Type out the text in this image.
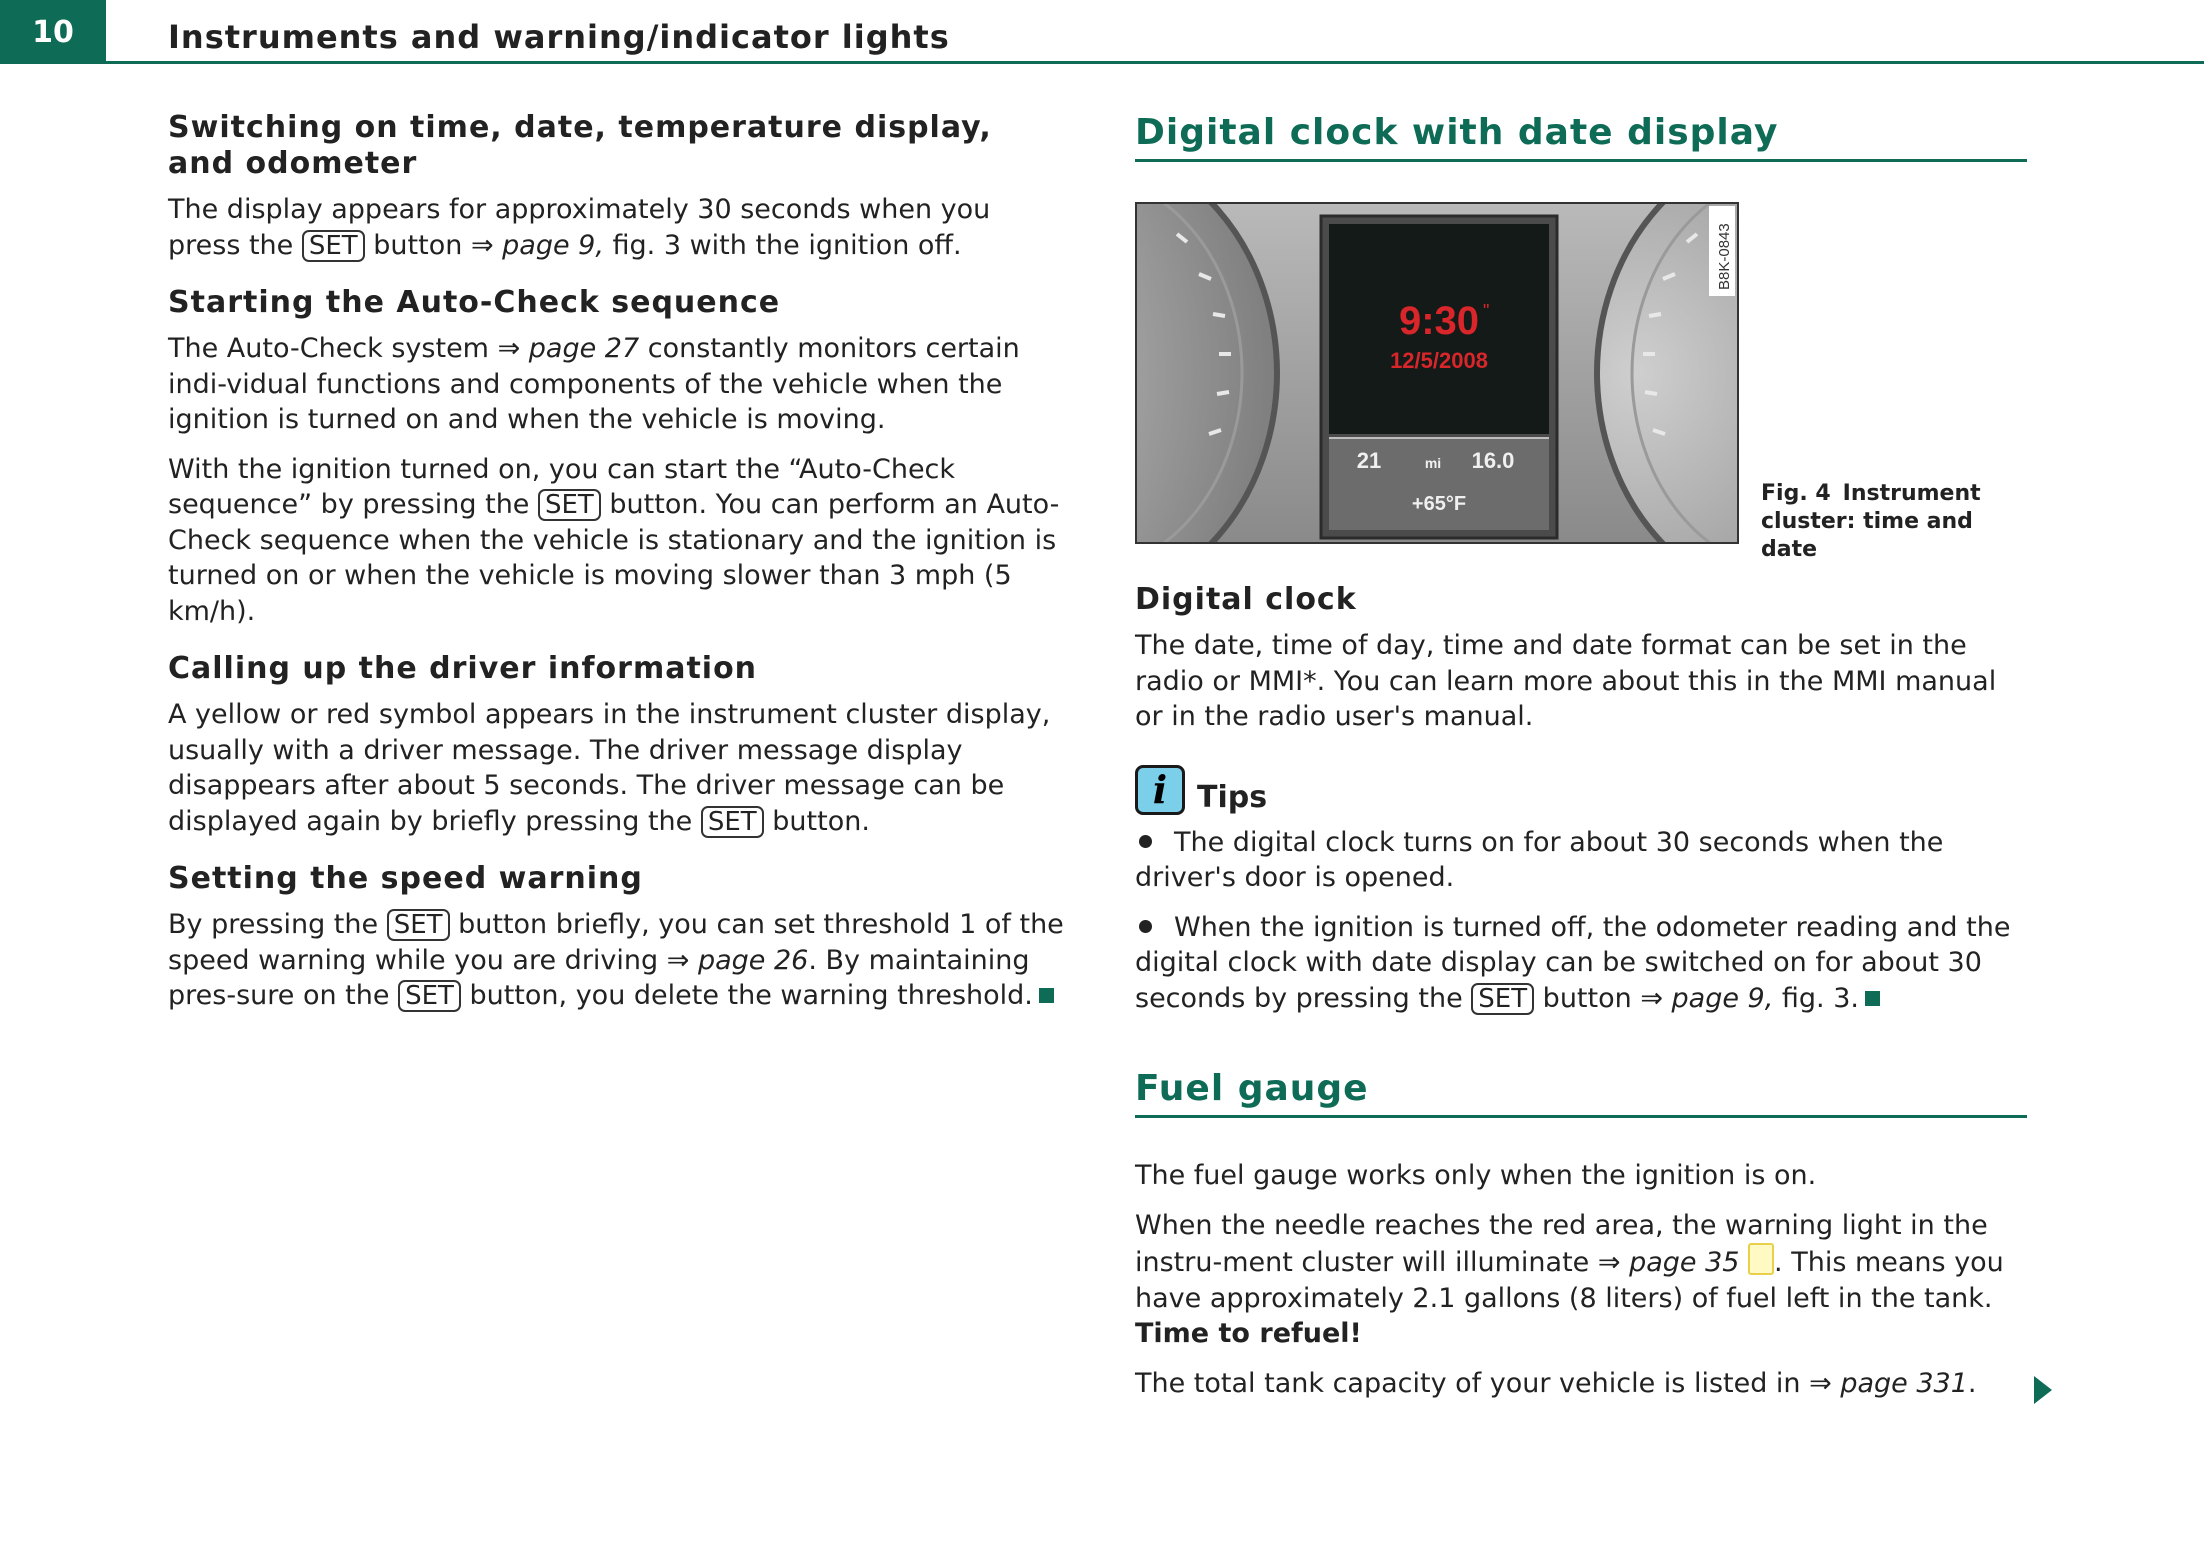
10	Instruments and warning/indicator lights
Switching on time, date, temperature display, and odometer

The display appears for approximately 30 seconds when you press the SET button ⇒ page 9, fig. 3 with the ignition off.

Starting the Auto-Check sequence

The Auto-Check system ⇒ page 27 constantly monitors certain indi-vidual functions and components of the vehicle when the ignition is turned on and when the vehicle is moving.

With the ignition turned on, you can start the “Auto-Check sequence” by pressing the SET button. You can perform an Auto-Check sequence when the vehicle is stationary and the ignition is turned on or when the vehicle is moving slower than 3 mph (5 km/h).

Calling up the driver information

A yellow or red symbol appears in the instrument cluster display, usually with a driver message. The driver message display disappears after about 5 seconds. The driver message can be displayed again by briefly pressing the SET button.

Setting the speed warning

By pressing the SET button briefly, you can set threshold 1 of the speed warning while you are driving ⇒ page 26. By maintaining pres-sure on the SET button, you delete the warning threshold.

Digital clock with date display
9:30 "
12/5/2008
21	mi 16.0
+65°F
B8K-0843
Fig. 4 Instrument cluster: time and date
Digital clock

The date, time of day, time and date format can be set in the radio or MMI*. You can learn more about this in the MMI manual or in the radio user's manual.

i Tips

The digital clock turns on for about 30 seconds when the driver's door is opened.

When the ignition is turned off, the odometer reading and the digital clock with date display can be switched on for about 30 seconds by pressing the SET button ⇒ page 9, fig. 3.

Fuel gauge

The fuel gauge works only when the ignition is on.

When the needle reaches the red area, the warning light in the instru-ment cluster will illuminate ⇒ page 35 . This means you have approximately 2.1 gallons (8 liters) of fuel left in the tank. Time to refuel!

The total tank capacity of your vehicle is listed in ⇒ page 331.
